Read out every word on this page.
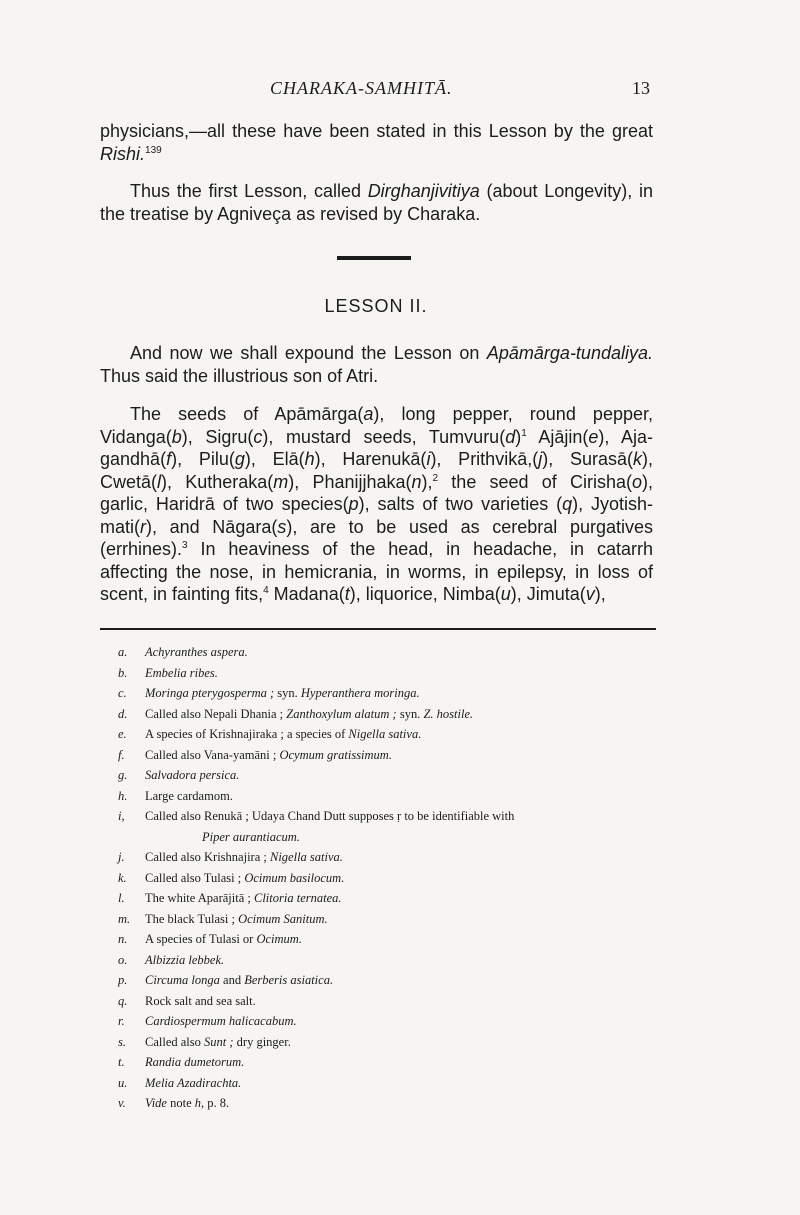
CHARAKA-SAMHITĀ.	13
physicians,—all these have been stated in this Lesson by the great Rishi.$^{139}$
Thus the first Lesson, called Dirghanjivitiya (about Longevity), in the treatise by Agniveça as revised by Charaka.
LESSON II.
And now we shall expound the Lesson on Apāmārga-tundaliya. Thus said the illustrious son of Atri.
The seeds of Apāmārga(a), long pepper, round pepper, Vidanga(b), Sigru(c), mustard seeds, $Tumvuru(d)^1$ Ajājin(e), Aja-gandhā(f), Pilu(g), Elā(h), Harenukā(i), Prithvikā,(j), Surasā(k), Cwetā(l), Kutheraka(m), Phanijjhaka(n),$^2$ the seed of Cirisha(o), garlic, Haridrā of two species(p), salts of two varieties (q), Jyotish-mati(r), and Nāgara(s), are to be used as cerebral purgatives (errhines).$^3$ In heaviness of the head, in headache, in catarrh affecting the nose, in hemicrania, in worms, in epilepsy, in loss of scent, in fainting fits,$^4$ Madana(t), liquorice, Nimba(u), Jimuta(v),
a. Achyranthes aspera.
b. Embelia ribes.
c. Moringa pterygosperma ; syn. Hyperanthera moringa.
d. Called also Nepali Dhania ; Zanthoxylum alatum ; syn. Z. hostile.
e. A species of Krishnajiraka ; a species of Nigella sativa.
f. Called also Vana-yamāni ; Ocymum gratissimum.
g. Salvadora persica.
h. Large cardamom.
i, Called also Renukā ; Udaya Chand Dutt supposes ṛ to be identifiable with
Piper aurantiacum.
j. Called also Krishnajira ; Nigella sativa.
k. Called also Tulasi ; Ocimum basilocum.
l. The white Aparājitā ; Clitoria ternatea.
m. The black Tulasi ; Ocimum Sanitum.
n. A species of Tulasi or Ocimum.
o. Albizzia lebbek.
p. Circuma longa and Berberis asiatica.
q. Rock salt and sea salt.
r. Cardiospermum halicacabum.
s. Called also Sunt ; dry ginger.
t. Randia dumetorum.
u. Melia Azadirachta.
v. Vide note h, p. 8.
